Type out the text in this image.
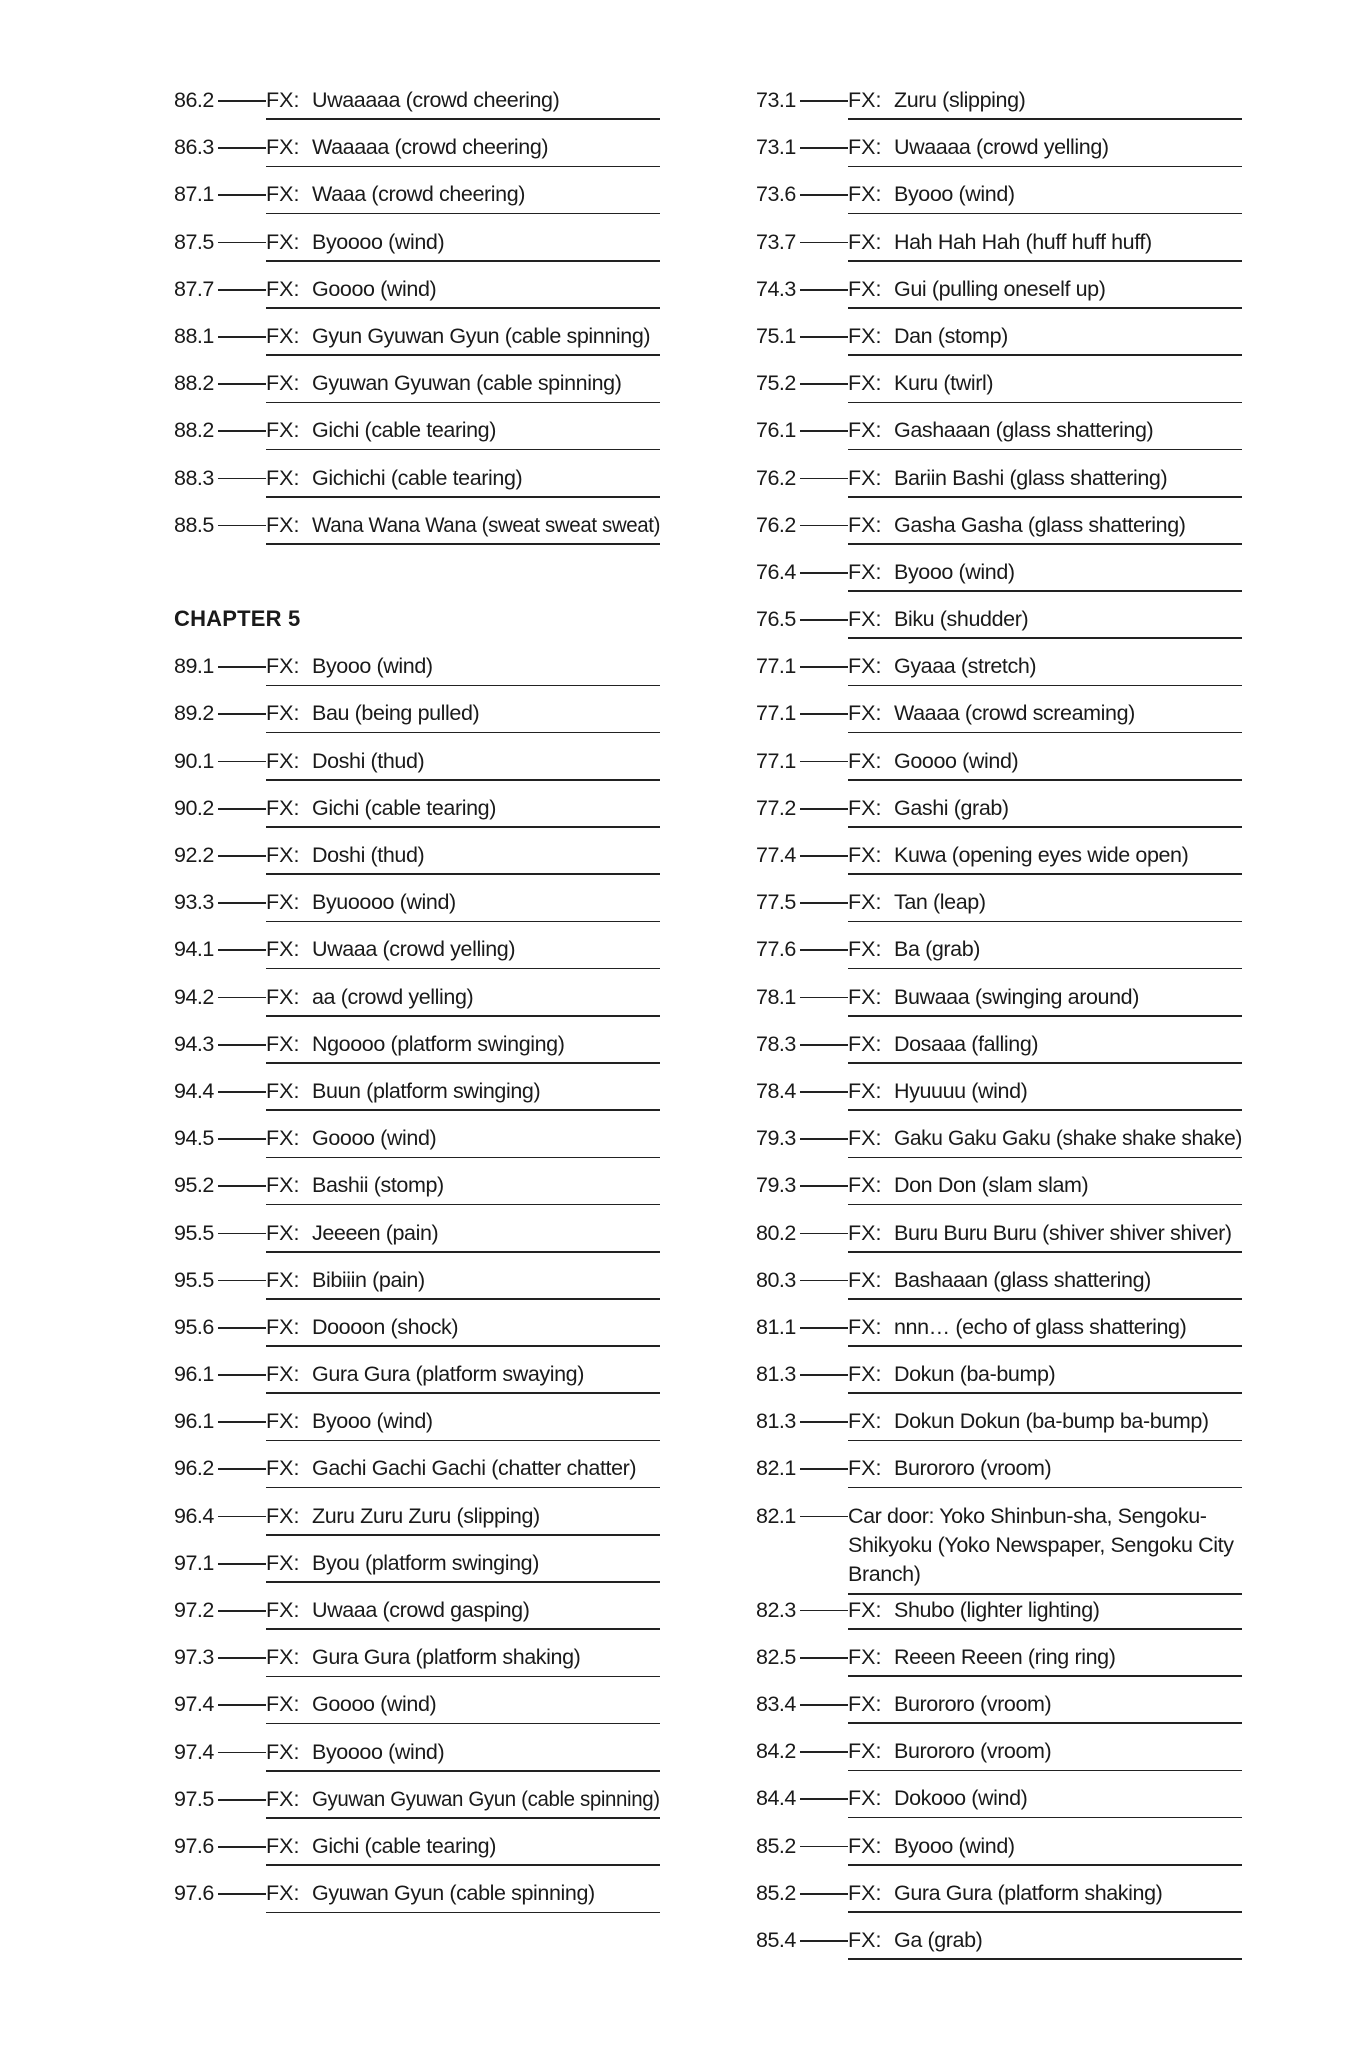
86.2 FX: Uwaaaaa (crowd cheering)
86.3 FX: Waaaaa (crowd cheering)
87.1 FX: Waaa (crowd cheering)
87.5 FX: Byoooo (wind)
87.7 FX: Goooo (wind)
88.1 FX: Gyun Gyuwan Gyun (cable spinning)
88.2 FX: Gyuwan Gyuwan (cable spinning)
88.2 FX: Gichi (cable tearing)
88.3 FX: Gichichi (cable tearing)
88.5 FX: Wana Wana Wana (sweat sweat sweat)
CHAPTER 5
89.1 FX: Byooo (wind)
89.2 FX: Bau (being pulled)
90.1 FX: Doshi (thud)
90.2 FX: Gichi (cable tearing)
92.2 FX: Doshi (thud)
93.3 FX: Byuoooo (wind)
94.1 FX: Uwaaa (crowd yelling)
94.2 FX: aa (crowd yelling)
94.3 FX: Ngoooo (platform swinging)
94.4 FX: Buun (platform swinging)
94.5 FX: Goooo (wind)
95.2 FX: Bashii (stomp)
95.5 FX: Jeeeen (pain)
95.5 FX: Bibiiin (pain)
95.6 FX: Doooon (shock)
96.1 FX: Gura Gura (platform swaying)
96.1 FX: Byooo (wind)
96.2 FX: Gachi Gachi Gachi (chatter chatter)
96.4 FX: Zuru Zuru Zuru (slipping)
97.1 FX: Byou (platform swinging)
97.2 FX: Uwaaa (crowd gasping)
97.3 FX: Gura Gura (platform shaking)
97.4 FX: Goooo (wind)
97.4 FX: Byoooo (wind)
97.5 FX: Gyuwan Gyuwan Gyun (cable spinning)
97.6 FX: Gichi (cable tearing)
97.6 FX: Gyuwan Gyun (cable spinning)
73.1 FX: Zuru (slipping)
73.1 FX: Uwaaaa (crowd yelling)
73.6 FX: Byooo (wind)
73.7 FX: Hah Hah Hah (huff huff huff)
74.3 FX: Gui (pulling oneself up)
75.1 FX: Dan (stomp)
75.2 FX: Kuru (twirl)
76.1 FX: Gashaaan (glass shattering)
76.2 FX: Bariin Bashi (glass shattering)
76.2 FX: Gasha Gasha (glass shattering)
76.4 FX: Byooo (wind)
76.5 FX: Biku (shudder)
77.1 FX: Gyaaa (stretch)
77.1 FX: Waaaa (crowd screaming)
77.1 FX: Goooo (wind)
77.2 FX: Gashi (grab)
77.4 FX: Kuwa (opening eyes wide open)
77.5 FX: Tan (leap)
77.6 FX: Ba (grab)
78.1 FX: Buwaaa (swinging around)
78.3 FX: Dosaaa (falling)
78.4 FX: Hyuuuu (wind)
79.3 FX: Gaku Gaku Gaku (shake shake shake)
79.3 FX: Don Don (slam slam)
80.2 FX: Buru Buru Buru (shiver shiver shiver)
80.3 FX: Bashaaan (glass shattering)
81.1 FX: nnn… (echo of glass shattering)
81.3 FX: Dokun (ba-bump)
81.3 FX: Dokun Dokun (ba-bump ba-bump)
82.1 FX: Burororo (vroom)
82.1 Car door: Yoko Shinbun-sha, Sengoku-Shikyoku (Yoko Newspaper, Sengoku City Branch)
82.3 FX: Shubo (lighter lighting)
82.5 FX: Reeen Reeen (ring ring)
83.4 FX: Burororo (vroom)
84.2 FX: Burororo (vroom)
84.4 FX: Dokooo (wind)
85.2 FX: Byooo (wind)
85.2 FX: Gura Gura (platform shaking)
85.4 FX: Ga (grab)
